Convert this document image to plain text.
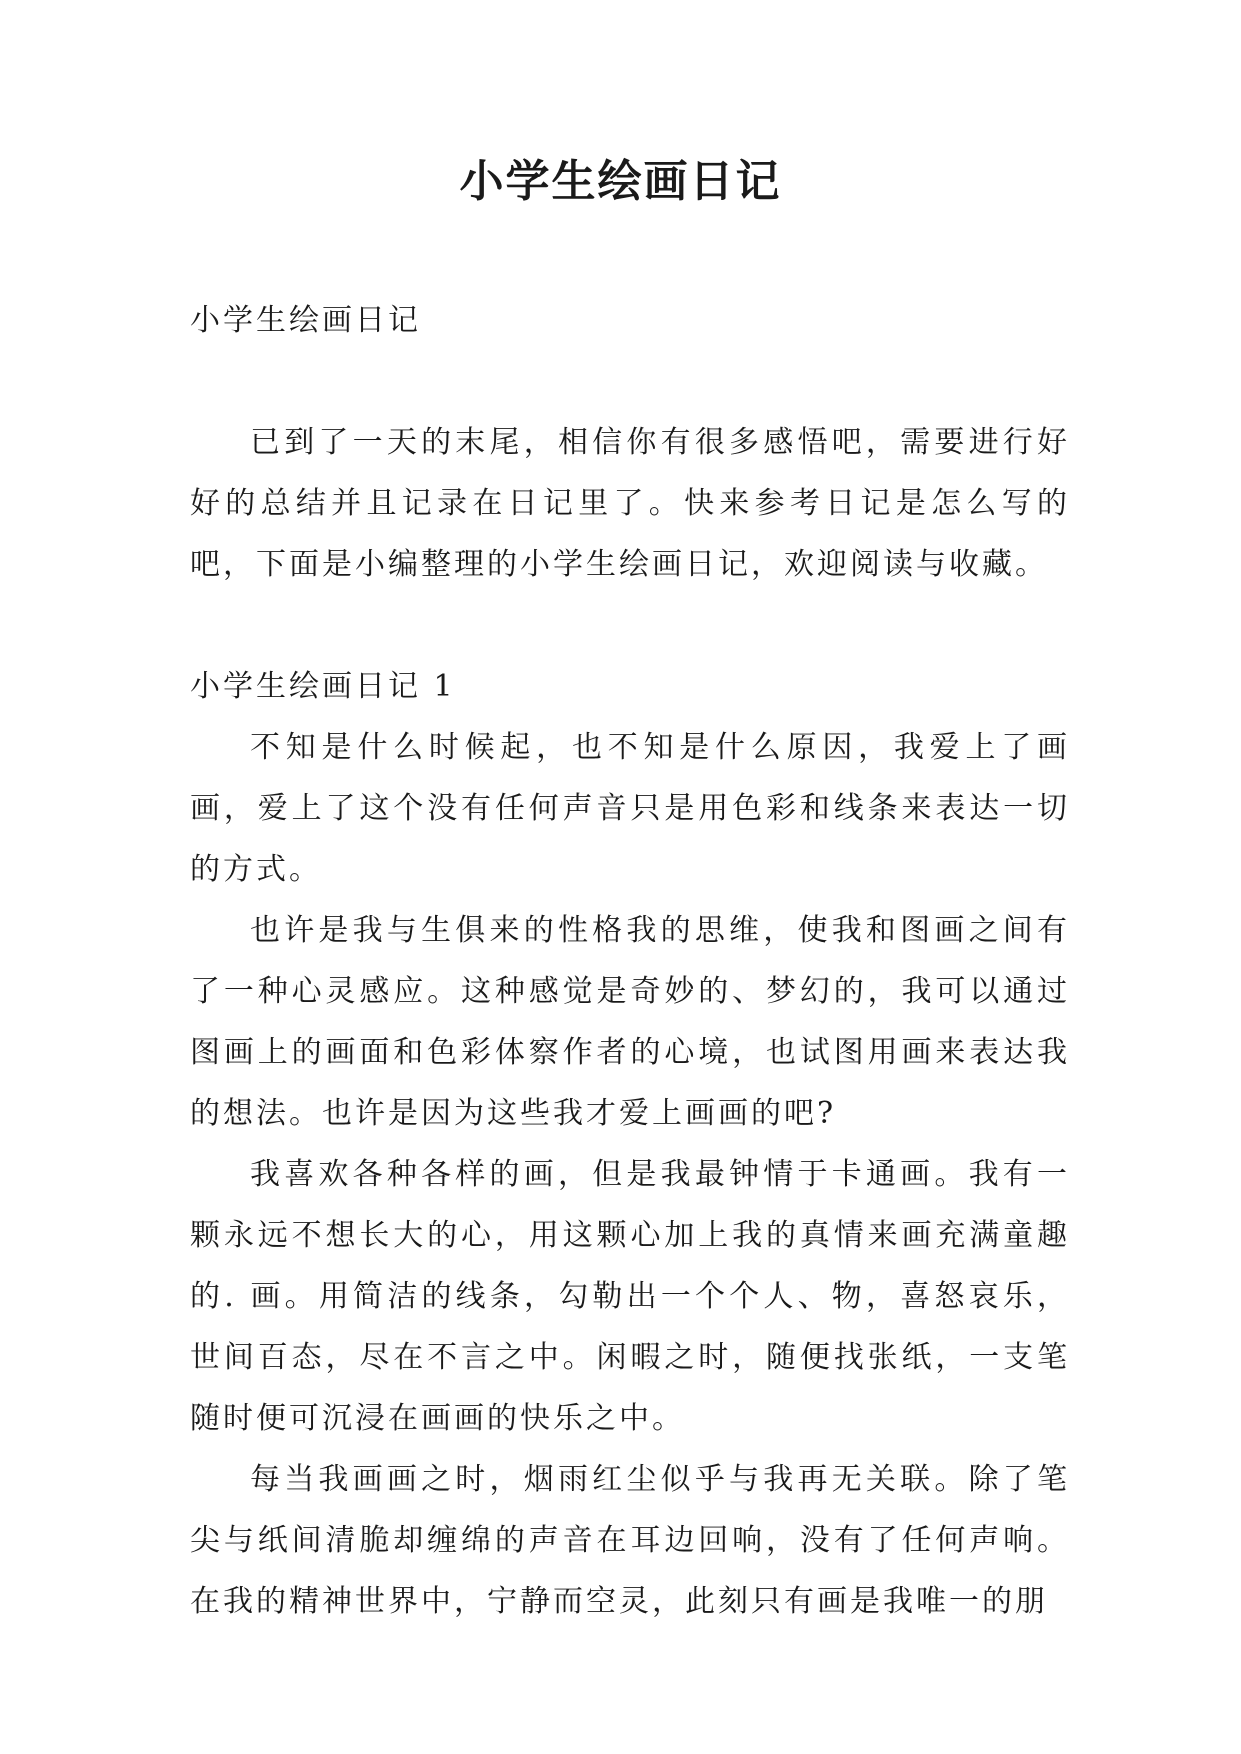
小学生绘画日记

小学生绘画日记

已到了一天的末尾，相信你有很多感悟吧，需要进行好好的总结并且记录在日记里了。快来参考日记是怎么写的吧，下面是小编整理的小学生绘画日记，欢迎阅读与收藏。

小学生绘画日记 1

不知是什么时候起，也不知是什么原因，我爱上了画画，爱上了这个没有任何声音只是用色彩和线条来表达一切的方式。

也许是我与生俱来的性格我的思维，使我和图画之间有了一种心灵感应。这种感觉是奇妙的、梦幻的，我可以通过图画上的画面和色彩体察作者的心境，也试图用画来表达我的想法。也许是因为这些我才爱上画画的吧?

我喜欢各种各样的画，但是我最钟情于卡通画。我有一颗永远不想长大的心，用这颗心加上我的真情来画充满童趣的. 画。用简洁的线条，勾勒出一个个人、物，喜怒哀乐，世间百态，尽在不言之中。闲暇之时，随便找张纸，一支笔随时便可沉浸在画画的快乐之中。

每当我画画之时，烟雨红尘似乎与我再无关联。除了笔尖与纸间清脆却缠绵的声音在耳边回响，没有了任何声响。在我的精神世界中，宁静而空灵，此刻只有画是我唯一的朋
